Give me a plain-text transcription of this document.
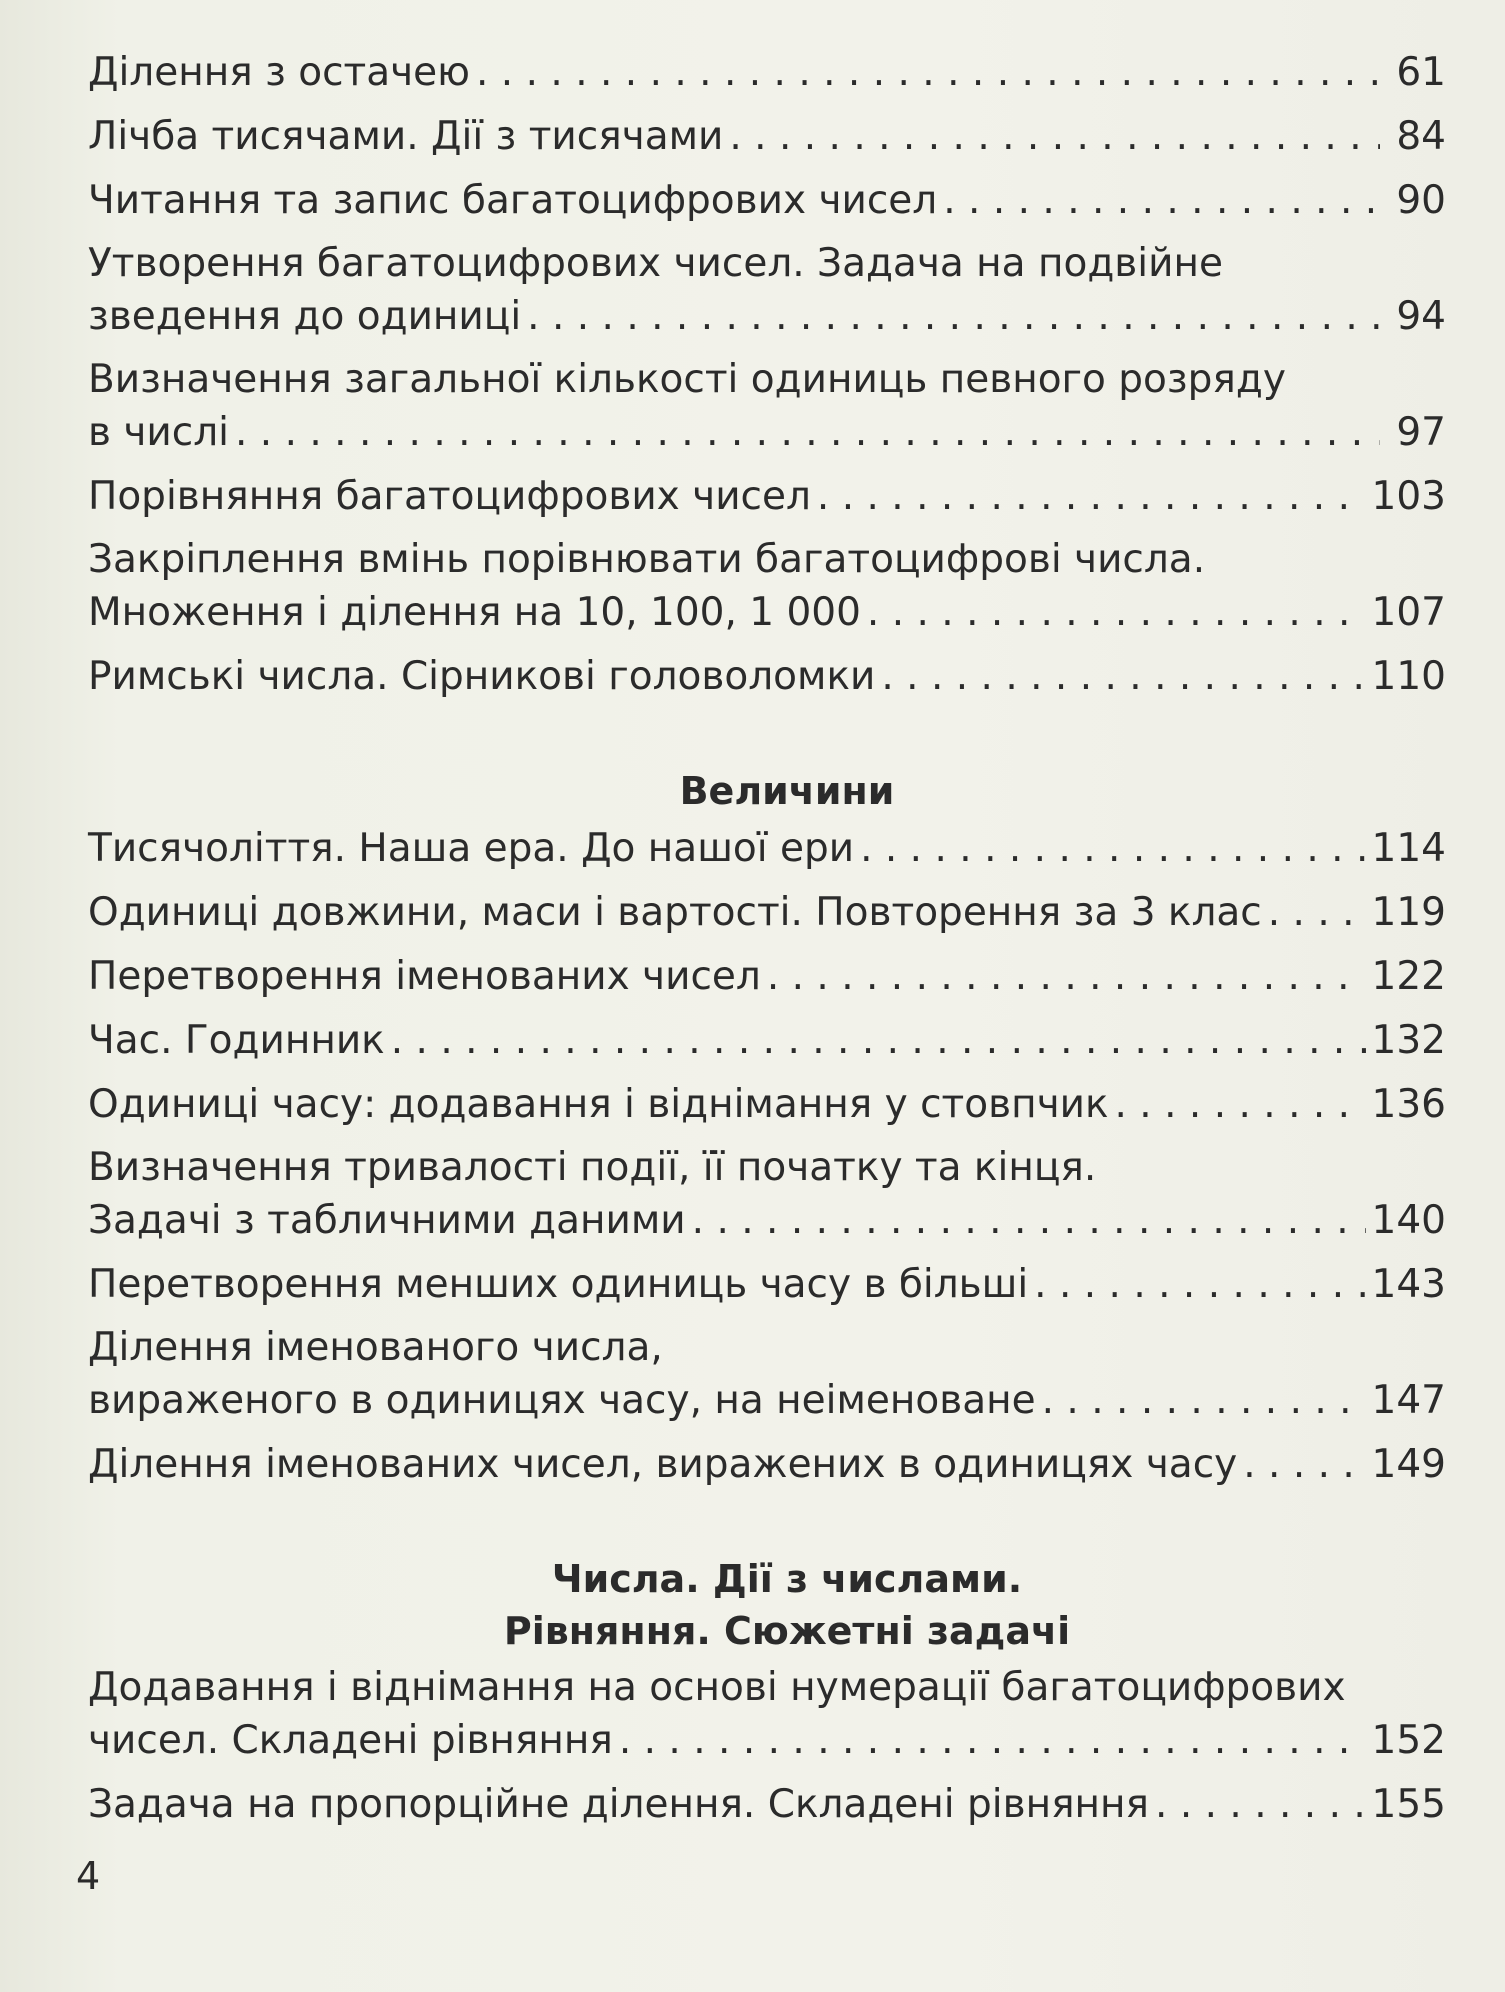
Ділення з остачею . . .	61
Лічба тисячами. Дії з тисячами . . .	84
Читання та запис багатоцифрових чисел . . .	90
Утворення багатоцифрових чисел. Задача на подвійне
зведення до одиниці . . .	94
Визначення загальної кількості одиниць певного розряду
в числі . . .	97
Порівняння багатоцифрових чисел . . .	103
Закріплення вмінь порівнювати багатоцифрові числа.
Множення і ділення на 10, 100, 1 000 . . .	107
Римські числа. Сірникові головоломки . . .	110
Величини
Тисячоліття. Наша ера. До нашої ери . . .	114
Одиниці довжини, маси і вартості. Повторення за 3 клас . . .	119
Перетворення іменованих чисел . . .	122
Час. Годинник . . .	132
Одиниці часу: додавання і віднімання у стовпчик . . .	136
Визначення тривалості події, її початку та кінця.
Задачі з табличними даними . . .	140
Перетворення менших одиниць часу в більші . . .	143
Ділення іменованого числа,
вираженого в одиницях часу, на неіменоване . . .	147
Ділення іменованих чисел, виражених в одиницях часу . . .	149
Числа. Дії з числами.
Рівняння. Сюжетні задачі
Додавання і віднімання на основі нумерації багатоцифрових
чисел. Складені рівняння . . .	152
Задача на пропорційне ділення. Складені рівняння . . .	155
4
